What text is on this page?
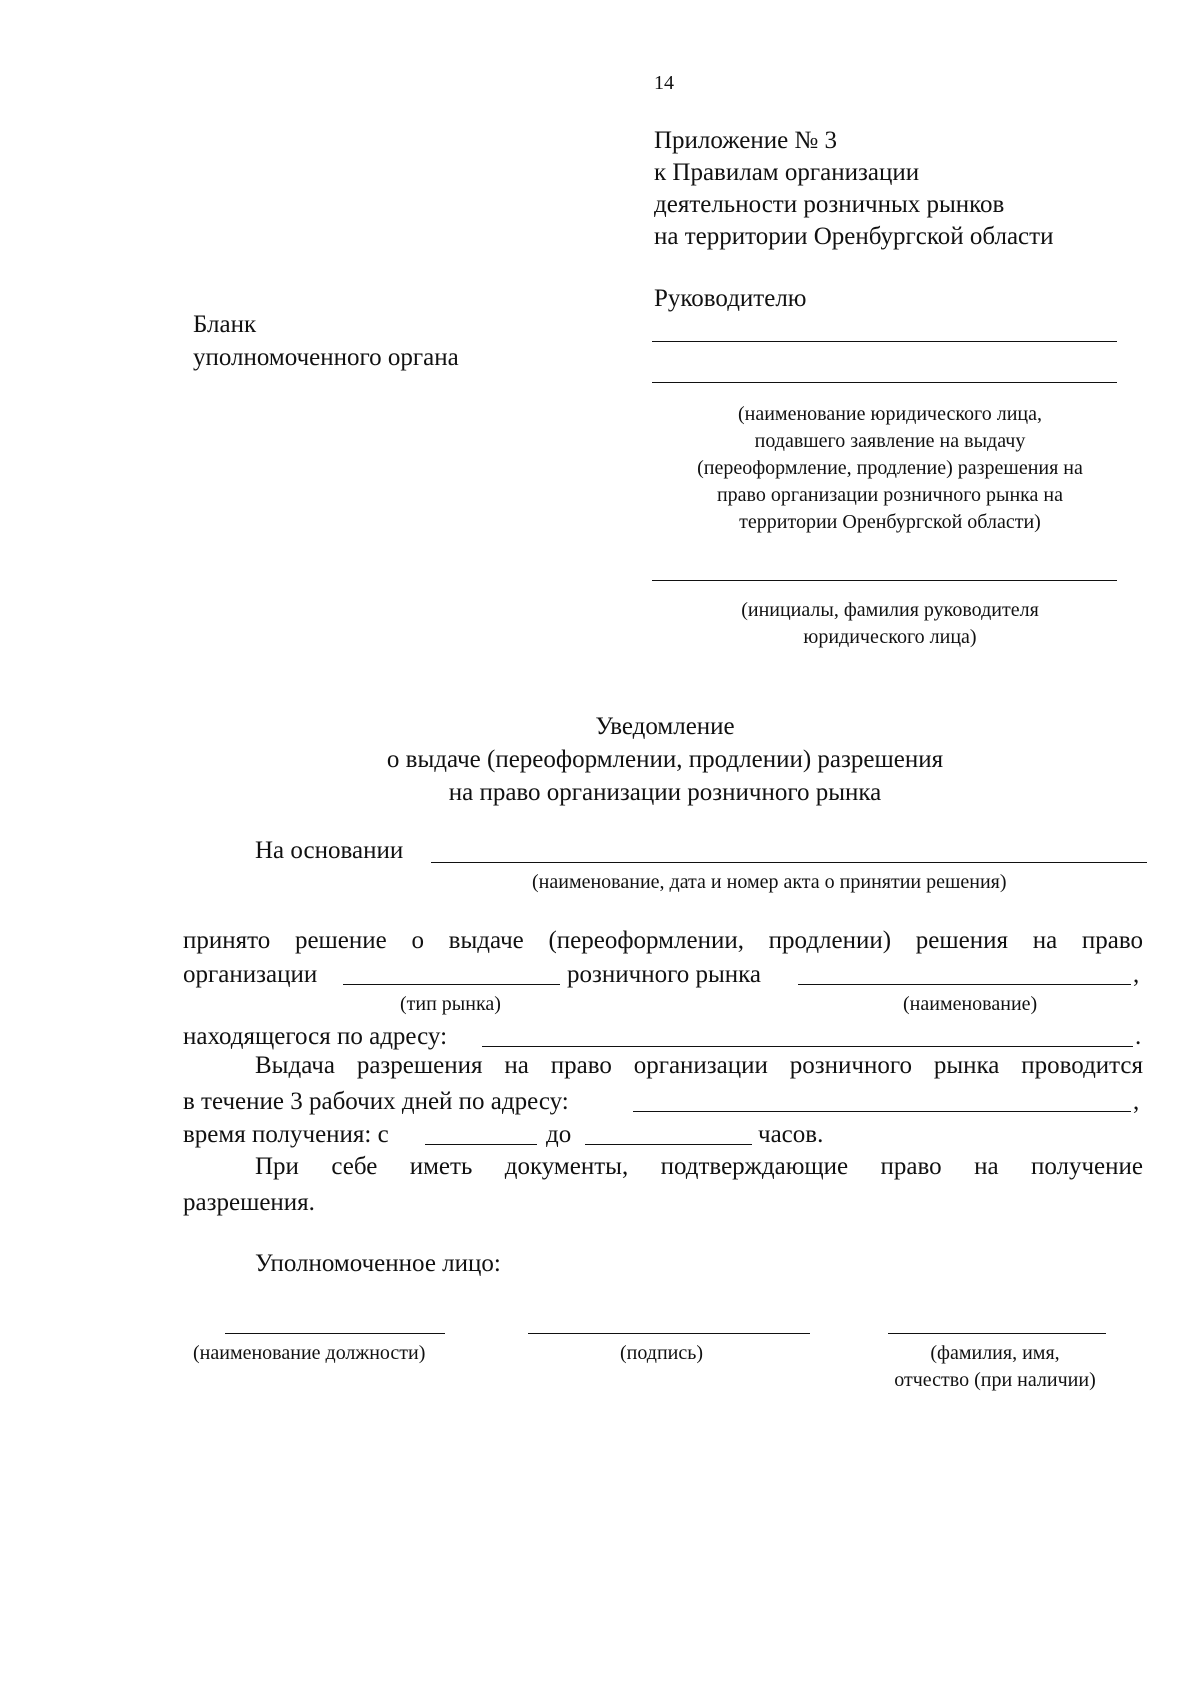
14
Приложение № 3
к Правилам организации
деятельности розничных рынков
на территории Оренбургской области
Бланк
уполномоченного органа
Руководителю
(наименование юридического лица,
подавшего заявление на выдачу
(переоформление, продление) разрешения на
право организации розничного рынка на
территории Оренбургской области)
(инициалы, фамилия руководителя
юридического лица)
Уведомление
о выдаче (переоформлении, продлении) разрешения
на право организации розничного рынка
На основании
(наименование, дата и номер акта о принятии решения)
принято решение о выдаче (переоформлении, продлении) решения на право
организации	розничного рынка	,
(тип рынка)	(наименование)
находящегося по адресу:	.
Выдача разрешения на право организации розничного рынка проводится
в течение 3 рабочих дней по адресу:	,
время получения: с	до	часов.
При себе иметь документы, подтверждающие право на получение
разрешения.
Уполномоченное лицо:
(наименование должности)	(подпись)	(фамилия, имя,
отчество (при наличии)
